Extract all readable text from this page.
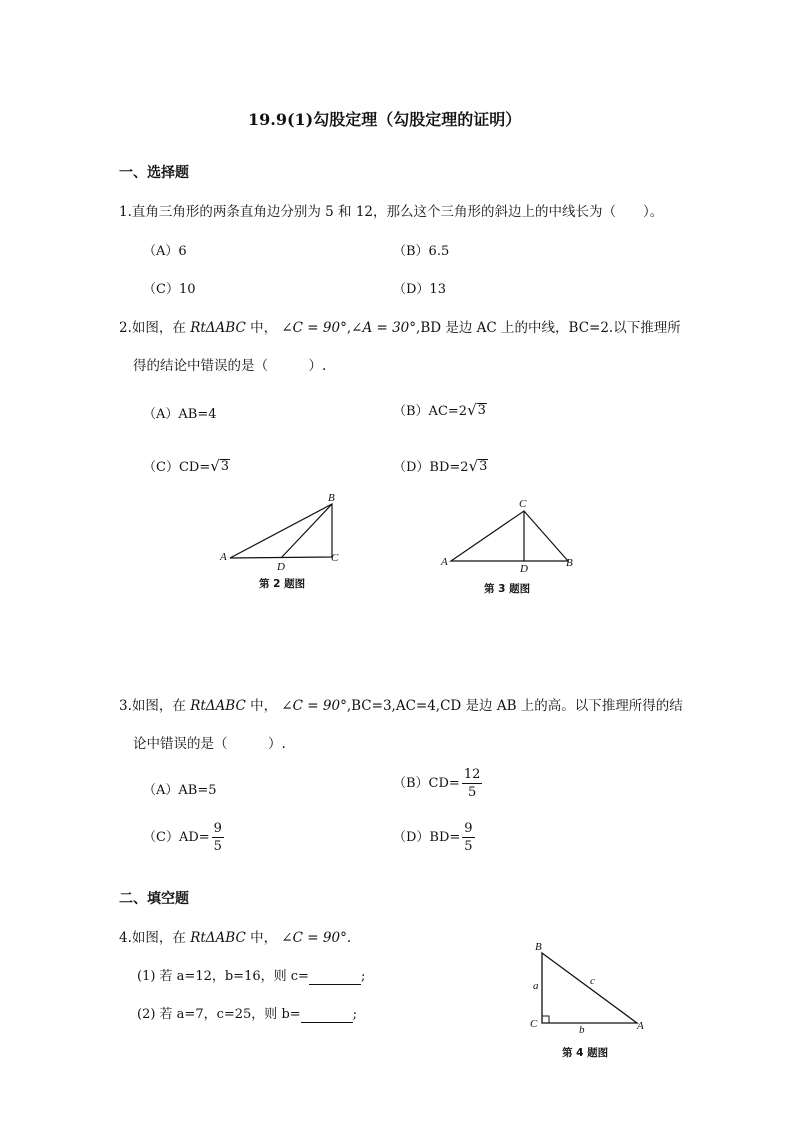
19.9(1)勾股定理（勾股定理的证明）
一、选择题
1.直角三角形的两条直角边分别为 5 和 12，那么这个三角形的斜边上的中线长为（　　）。
（A）6	（B）6.5
（C）10	（D）13
2.如图，在 RtΔABC 中， ∠C = 90°,∠A = 30°,BD 是边 AC 上的中线，BC=2.以下推理所
得的结论中错误的是（　　　）.
（A）AB=4	（B）AC=2 √ 3
（C）CD= √ 3	（D）BD=2 √ 3
B
A	C
D
第 2 题图
C
A	B
D
第 3 题图
3.如图，在 RtΔABC 中， ∠C = 90°,BC=3,AC=4,CD 是边 AB 上的高。以下推理所得的结
论中错误的是（　　　）.
（A）AB=5	$(B)CD= \frac{12}{5}$
$(C)AD= \frac{9}{5}$	$(D)BD= \frac{9}{5}$
二、填空题
4.如图，在 RtΔABC 中， ∠C = 90°.
(1) 若 a=12，b=16，则 c=	;
(2) 若 a=7，c=25，则 b=	;
B
C	A
a
b
c
第 4 题图
